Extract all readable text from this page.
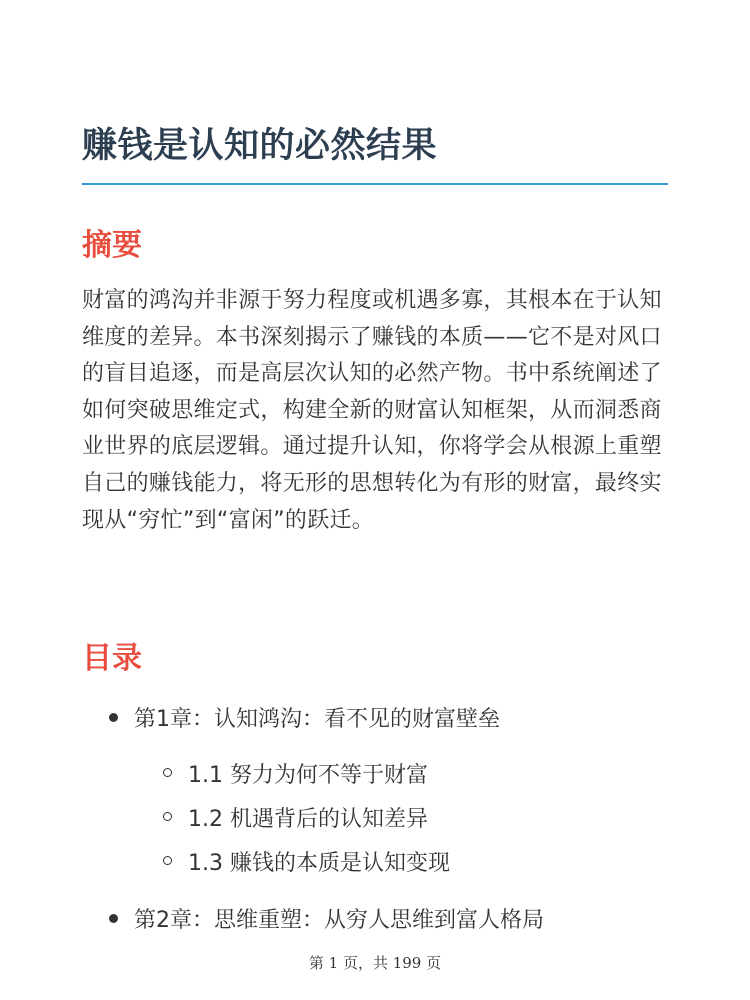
赚钱是认知的必然结果
摘要

财富的鸿沟并非源于努力程度或机遇多寡，其根本在于认知维度的差异。本书深刻揭示了赚钱的本质——它不是对风口的盲目追逐，而是高层次认知的必然产物。书中系统阐述了如何突破思维定式，构建全新的财富认知框架，从而洞悉商业世界的底层逻辑。通过提升认知，你将学会从根源上重塑自己的赚钱能力，将无形的思想转化为有形的财富，最终实现从“穷忙”到“富闲”的跃迁。

目录
第1章：认知鸿沟：看不见的财富壁垒
1.1 努力为何不等于财富
1.2 机遇背后的认知差异
1.3 赚钱的本质是认知变现
第2章：思维重塑：从穷人思维到富人格局
第 1 页，共 199 页
